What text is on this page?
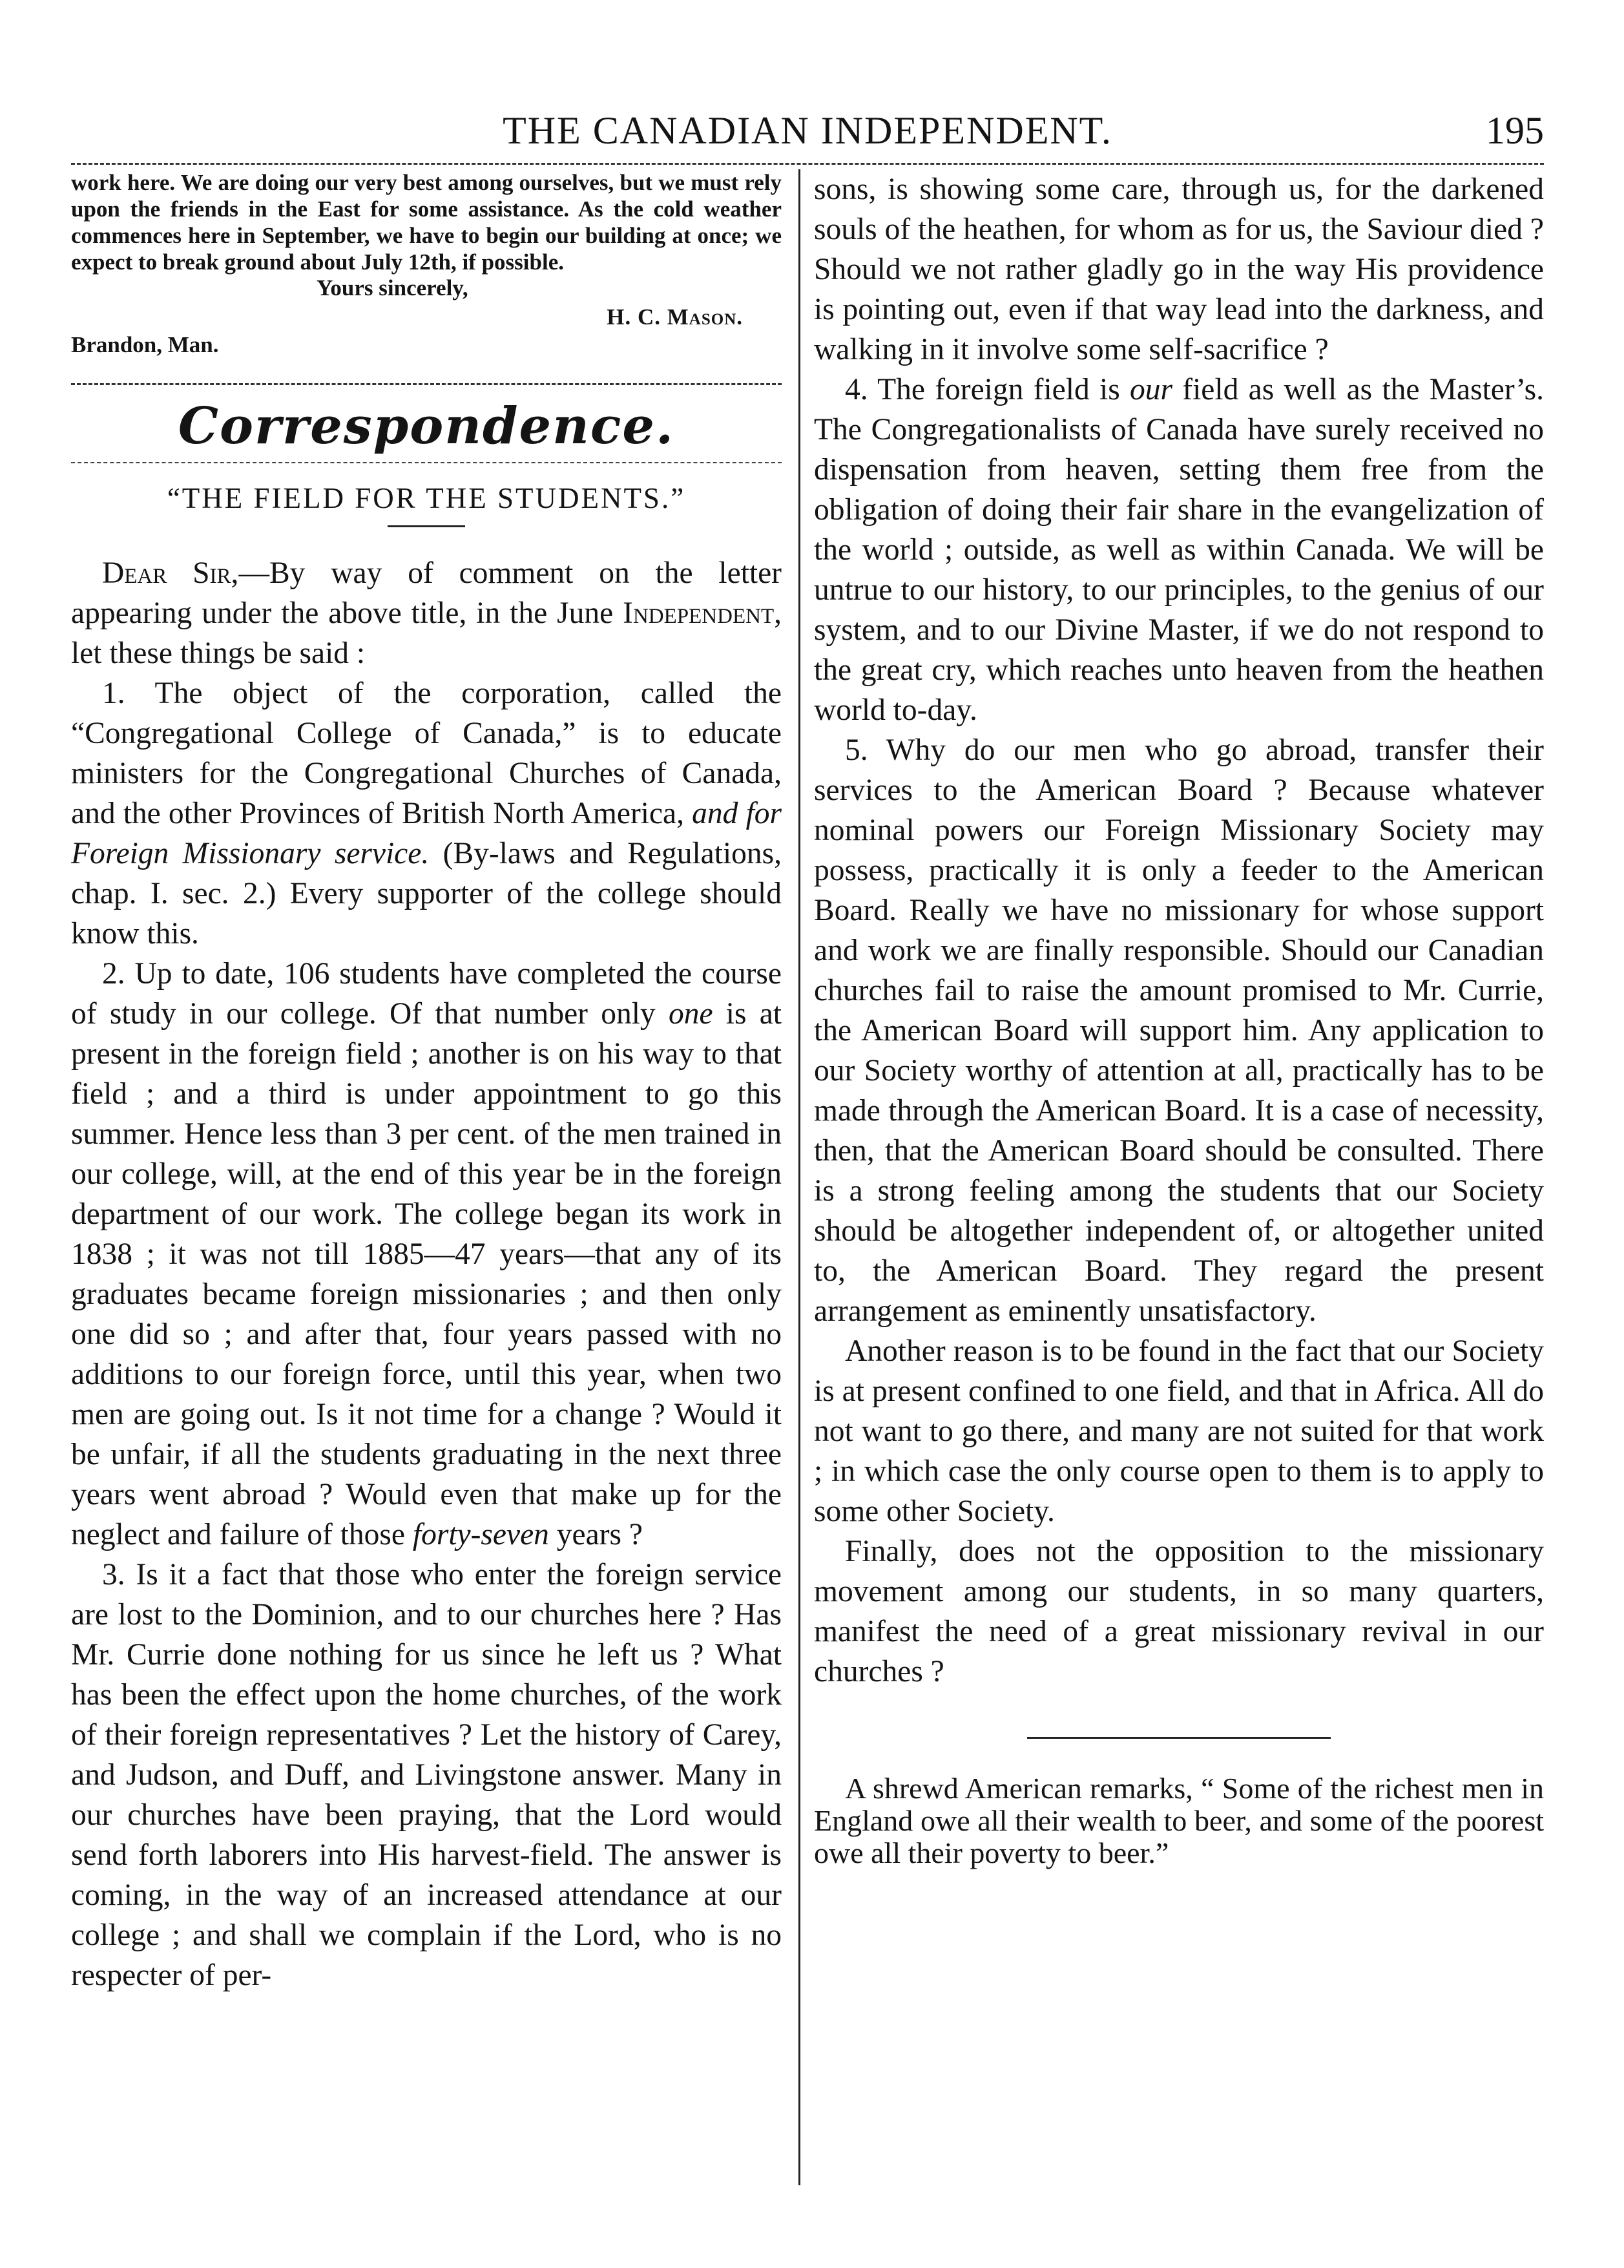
THE CANADIAN INDEPENDENT.	195

work here. We are doing our very best among ourselves, but we must rely upon the friends in the East for some assistance. As the cold weather commences here in September, we have to begin our building at once; we expect to break ground about July 12th, if possible.

Yours sincerely,
H. C. Mason.
Brandon, Man.
Correspondence.
“THE FIELD FOR THE STUDENTS.”

Dear Sir,—By way of comment on the letter appearing under the above title, in the June Independent, let these things be said :

1. The object of the corporation, called the “Congregational College of Canada,” is to educate ministers for the Congregational Churches of Canada, and the other Provinces of British North America, and for Foreign Missionary service. (By-laws and Regulations, chap. I. sec. 2.) Every supporter of the college should know this.

2. Up to date, 106 students have completed the course of study in our college. Of that number only one is at present in the foreign field ; another is on his way to that field ; and a third is under appointment to go this summer. Hence less than 3 per cent. of the men trained in our college, will, at the end of this year be in the foreign department of our work. The college began its work in 1838 ; it was not till 1885—47 years—that any of its graduates became foreign missionaries ; and then only one did so ; and after that, four years passed with no additions to our foreign force, until this year, when two men are going out. Is it not time for a change ? Would it be unfair, if all the students graduating in the next three years went abroad ? Would even that make up for the neglect and failure of those forty-seven years ?

3. Is it a fact that those who enter the foreign service are lost to the Dominion, and to our churches here ? Has Mr. Currie done nothing for us since he left us ? What has been the effect upon the home churches, of the work of their foreign representatives ? Let the history of Carey, and Judson, and Duff, and Livingstone answer. Many in our churches have been praying, that the Lord would send forth laborers into His harvest-field. The answer is coming, in the way of an increased attendance at our college ; and shall we complain if the Lord, who is no respecter of per-

sons, is showing some care, through us, for the darkened souls of the heathen, for whom as for us, the Saviour died ? Should we not rather gladly go in the way His providence is pointing out, even if that way lead into the darkness, and walking in it involve some self-sacrifice ?

4. The foreign field is our field as well as the Master’s. The Congregationalists of Canada have surely received no dispensation from heaven, setting them free from the obligation of doing their fair share in the evangelization of the world ; outside, as well as within Canada. We will be untrue to our history, to our principles, to the genius of our system, and to our Divine Master, if we do not respond to the great cry, which reaches unto heaven from the heathen world to-day.

5. Why do our men who go abroad, transfer their services to the American Board ? Because whatever nominal powers our Foreign Missionary Society may possess, practically it is only a feeder to the American Board. Really we have no missionary for whose support and work we are finally responsible. Should our Canadian churches fail to raise the amount promised to Mr. Currie, the American Board will support him. Any application to our Society worthy of attention at all, practically has to be made through the American Board. It is a case of necessity, then, that the American Board should be consulted. There is a strong feeling among the students that our Society should be altogether independent of, or altogether united to, the American Board. They regard the present arrangement as eminently unsatisfactory.

Another reason is to be found in the fact that our Society is at present confined to one field, and that in Africa. All do not want to go there, and many are not suited for that work ; in which case the only course open to them is to apply to some other Society.

Finally, does not the opposition to the missionary movement among our students, in so many quarters, manifest the need of a great missionary revival in our churches ?

A shrewd American remarks, “ Some of the richest men in England owe all their wealth to beer, and some of the poorest owe all their poverty to beer.”
